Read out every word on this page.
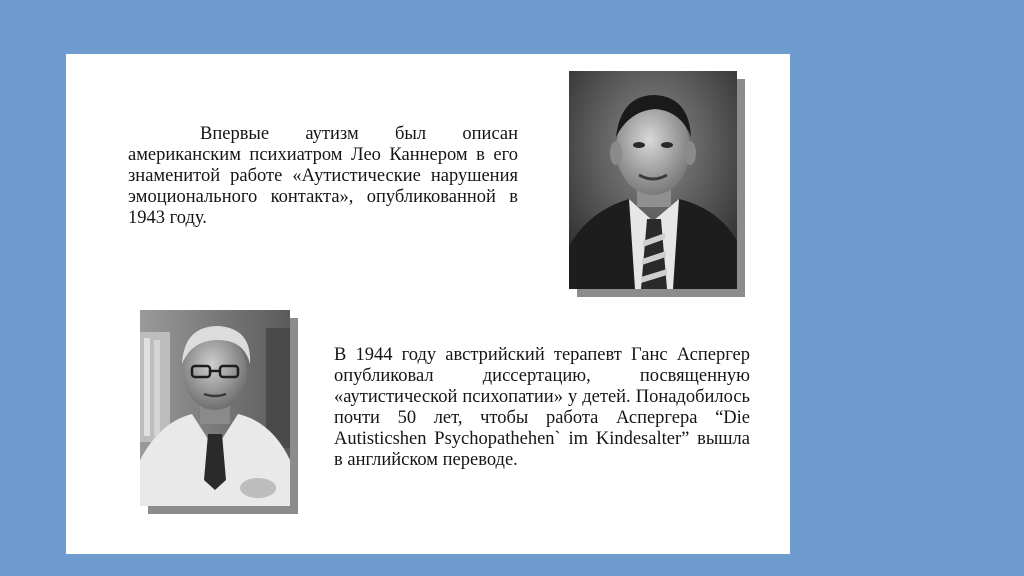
Впервые аутизм был описан американским психиатром Лео Каннером в его знаменитой работе «Аутистические нарушения эмоционального контакта», опубликованной в 1943 году.

В 1944 году австрийский терапевт Ганс Аспергер опубликовал диссертацию, посвященную «аутистической психопатии» у детей. Понадобилось почти 50 лет, чтобы работа Аспергера “Die Autisticshen Psychopathehen` im Kindesalter” вышла в английском переводе.
